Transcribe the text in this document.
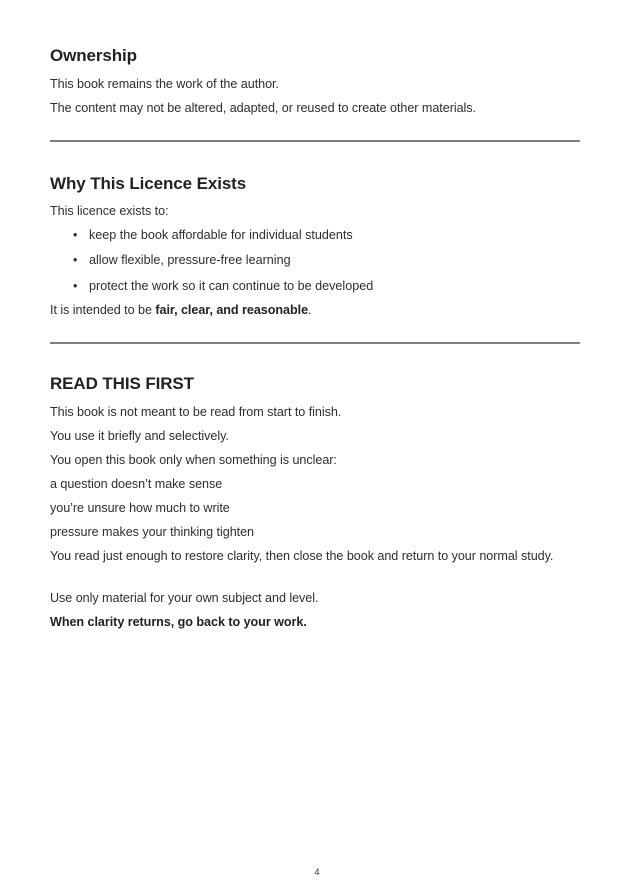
Ownership
This book remains the work of the author.
The content may not be altered, adapted, or reused to create other materials.
Why This Licence Exists
This licence exists to:
• keep the book affordable for individual students
• allow flexible, pressure-free learning
• protect the work so it can continue to be developed
It is intended to be fair, clear, and reasonable.
READ THIS FIRST
This book is not meant to be read from start to finish.
You use it briefly and selectively.
You open this book only when something is unclear:
a question doesn’t make sense
you’re unsure how much to write
pressure makes your thinking tighten
You read just enough to restore clarity, then close the book and return to your normal study.
Use only material for your own subject and level.
When clarity returns, go back to your work.
4
